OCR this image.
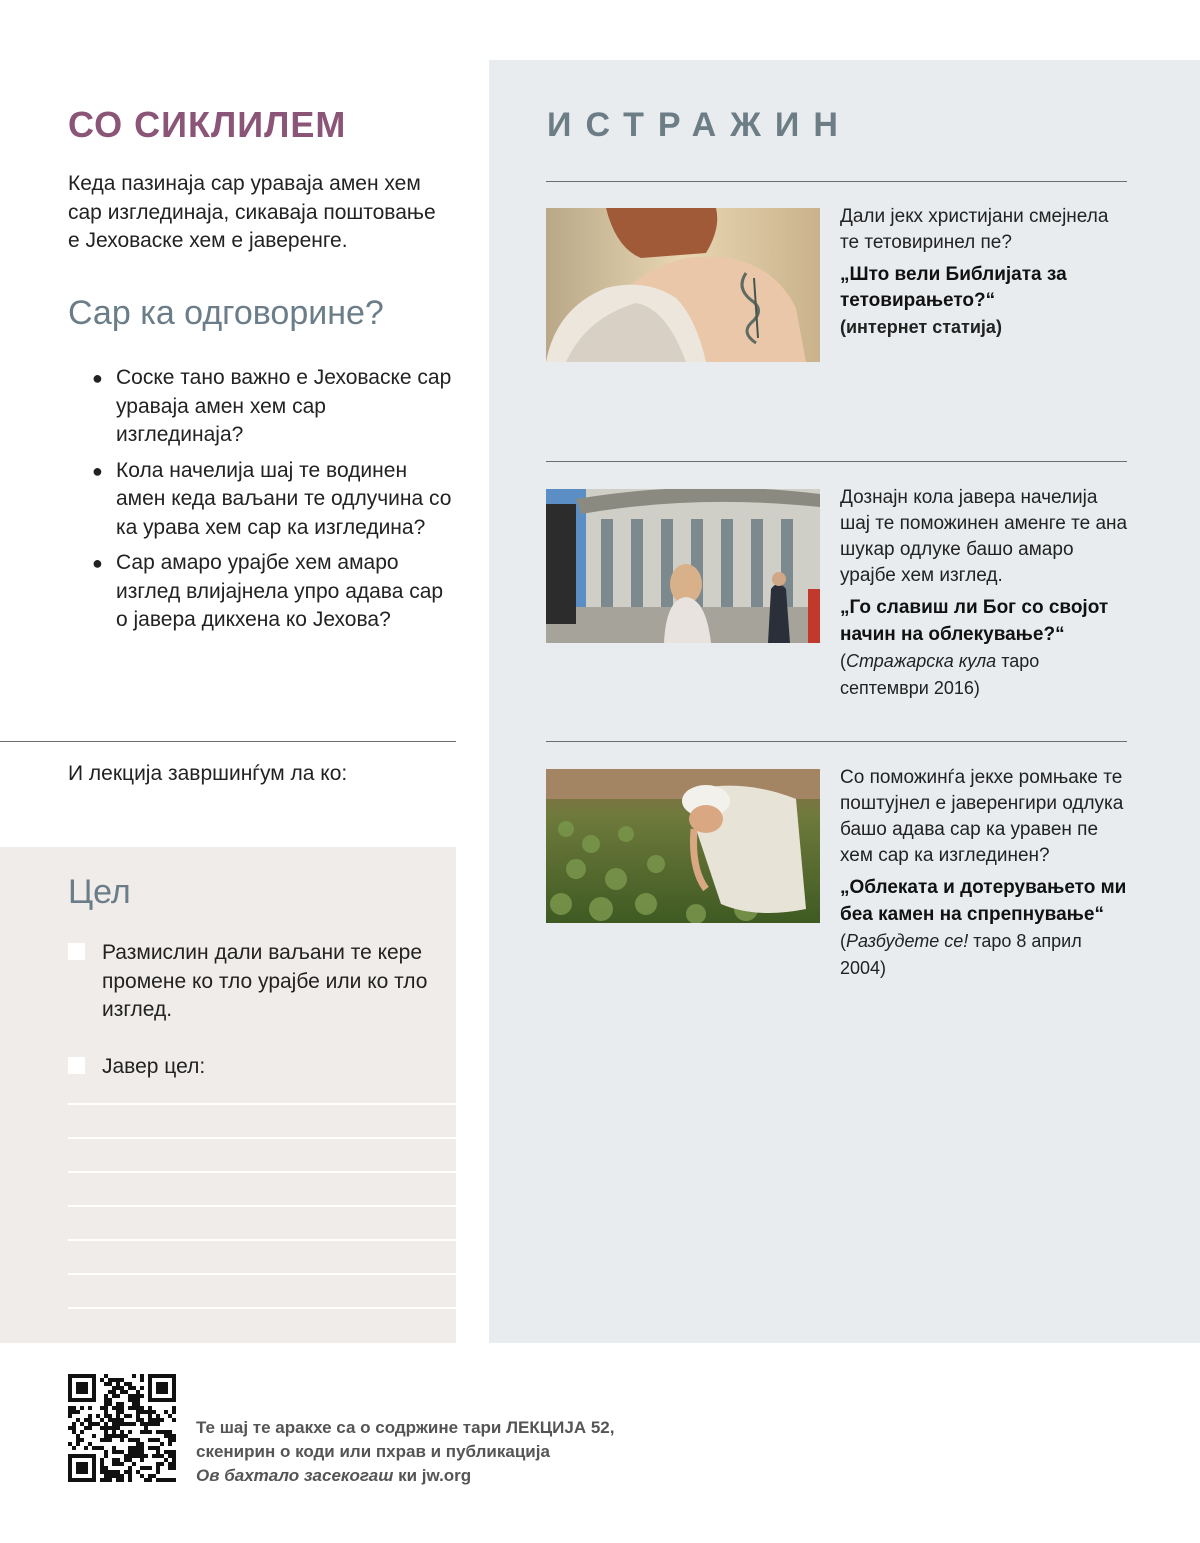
СО СИКЛИЛЕМ
Кеда пазинаја сар уравaја амен хем сар изглединаја, сикаваја поштовање е Јеховаске хем е јаверенге.
Сар ка одговорине?
● Соске тано важно е Јеховаске сар уравaја амен хем сар изглединаја?
● Кола начелија шај те водинен амен кеда ваљани те одлучина со ка урава хем сар ка изгледина?
● Сар амаро урајбе хем амаро изглед влијајнела упро адава сар о јавера дикхена ко Јехова?
И лекција завршинѓум ла ко:
Цел
Размислин дали ваљани те кере промене ко тло урајбе или ко тло изглед.
Јавер цел:
ИСТРАЖИН
Дали јекх христијани смејнела те тетовиринел пе?
„Што вели Библијата за тетовирањето?“
(интернет статија)
Дознајн кола јавера начелија шај те поможинен аменге те ана шукар одлуке башо амаро урајбе хем изглед.
„Го славиш ли Бог со својот начин на облекување?“ (Стражарска кула таро септември 2016)
Со поможинѓа јекхе ромњаке те поштујнел е јаверенгири одлука башо адава сар ка уравен пе хем сар ка изглединен?
„Облеката и дотерувањето ми беа камен на спрепнување“ (Разбудете се! таро 8 април 2004)
Те шај те аракхе са о содржине тари ЛЕКЦИЈА 52,
скенирин о коди или пхрав и публикација
Ов бахтало засекогаш ки jw.org
